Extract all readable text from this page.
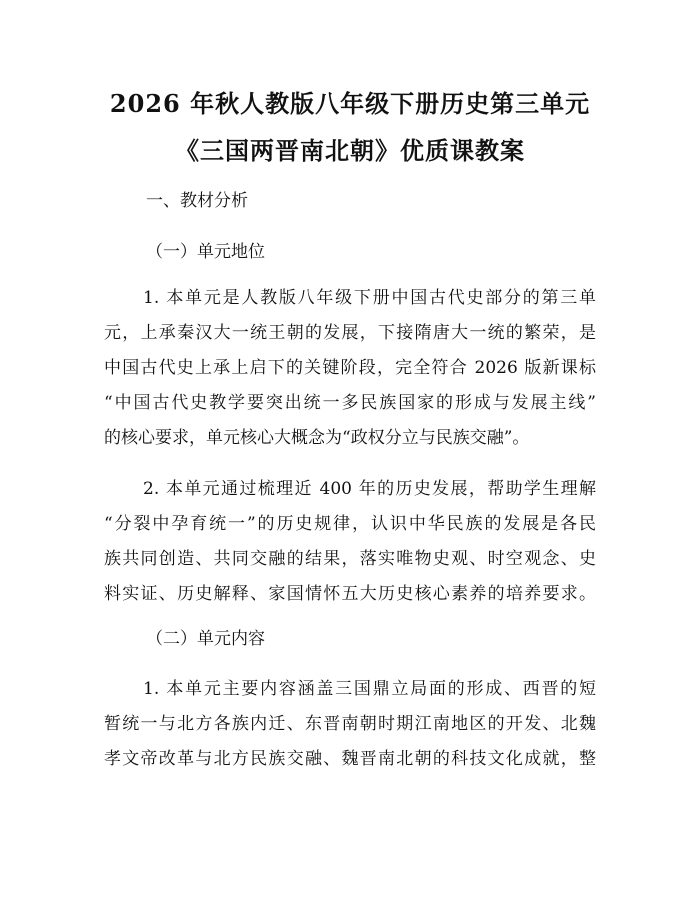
2026 年秋人教版八年级下册历史第三单元
《三国两晋南北朝》优质课教案
一、教材分析
（一）单元地位
1. 本单元是人教版八年级下册中国古代史部分的第三单
元，上承秦汉大一统王朝的发展，下接隋唐大一统的繁荣，是
中国古代史上承上启下的关键阶段，完全符合 2026 版新课标
“中国古代史教学要突出统一多民族国家的形成与发展主线”
的核心要求，单元核心大概念为“政权分立与民族交融”。
2. 本单元通过梳理近 400 年的历史发展，帮助学生理解
“分裂中孕育统一”的历史规律，认识中华民族的发展是各民
族共同创造、共同交融的结果，落实唯物史观、时空观念、史
料实证、历史解释、家国情怀五大历史核心素养的培养要求。
（二）单元内容
1. 本单元主要内容涵盖三国鼎立局面的形成、西晋的短
暂统一与北方各族内迁、东晋南朝时期江南地区的开发、北魏
孝文帝改革与北方民族交融、魏晋南北朝的科技文化成就，整
